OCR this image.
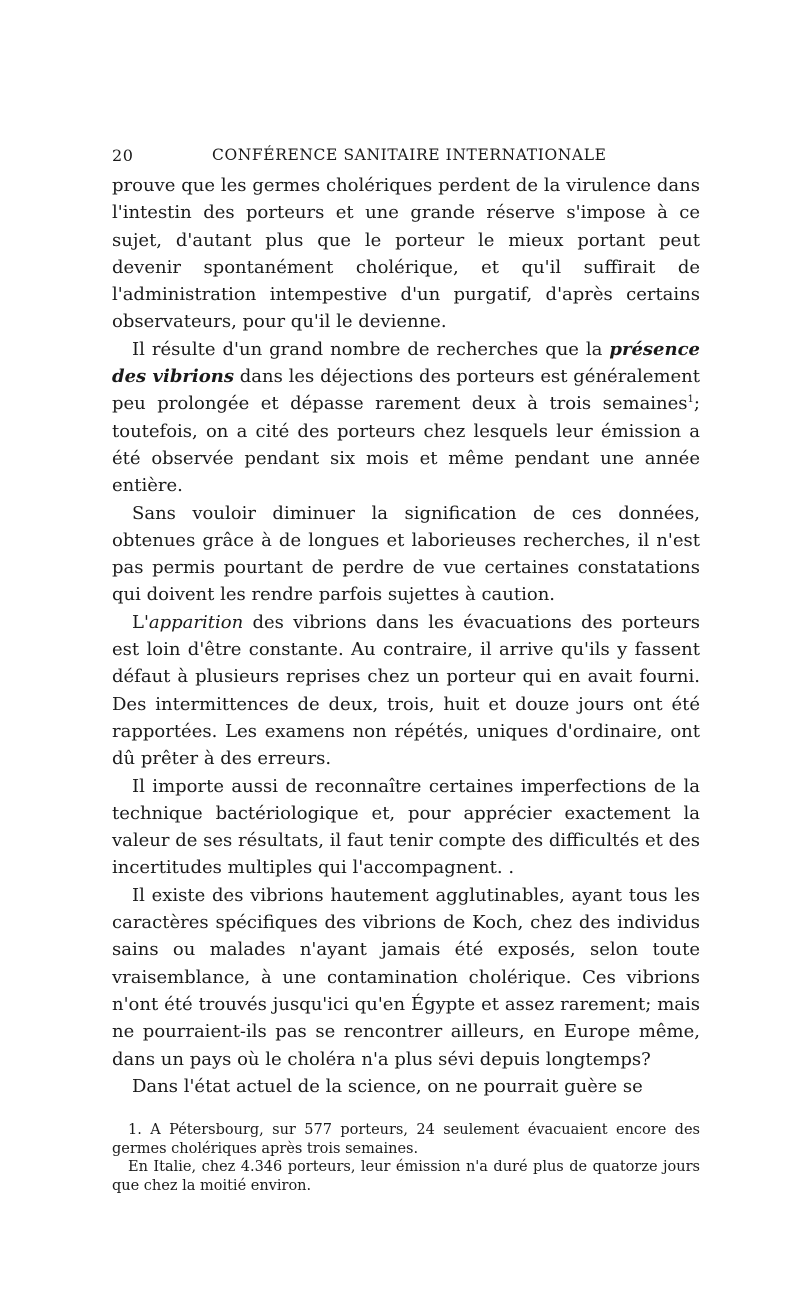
20	CONFÉRENCE SANITAIRE INTERNATIONALE

prouve que les germes cholériques perdent de la virulence dans l'intestin des porteurs et une grande réserve s'impose à ce sujet, d'autant plus que le porteur le mieux portant peut devenir spontanément cholérique, et qu'il suffirait de l'administration intempestive d'un purgatif, d'après certains observateurs, pour qu'il le devienne.

Il résulte d'un grand nombre de recherches que la présence des vibrions dans les déjections des porteurs est généralement peu prolongée et dépasse rarement deux à trois semaines$^1$; toutefois, on a cité des porteurs chez lesquels leur émission a été observée pendant six mois et même pendant une année entière.

Sans vouloir diminuer la signification de ces données, obtenues grâce à de longues et laborieuses recherches, il n'est pas permis pourtant de perdre de vue certaines constatations qui doivent les rendre parfois sujettes à caution.

L'apparition des vibrions dans les évacuations des porteurs est loin d'être constante. Au contraire, il arrive qu'ils y fassent défaut à plusieurs reprises chez un porteur qui en avait fourni. Des intermittences de deux, trois, huit et douze jours ont été rapportées. Les examens non répétés, uniques d'ordinaire, ont dû prêter à des erreurs.

Il importe aussi de reconnaître certaines imperfections de la technique bactériologique et, pour apprécier exactement la valeur de ses résultats, il faut tenir compte des difficultés et des incertitudes multiples qui l'accompagnent. .

Il existe des vibrions hautement agglutinables, ayant tous les caractères spécifiques des vibrions de Koch, chez des individus sains ou malades n'ayant jamais été exposés, selon toute vraisemblance, à une contamination cholérique. Ces vibrions n'ont été trouvés jusqu'ici qu'en Égypte et assez rarement; mais ne pourraient-ils pas se rencontrer ailleurs, en Europe même, dans un pays où le choléra n'a plus sévi depuis longtemps?

Dans l'état actuel de la science, on ne pourrait guère se

1. A Pétersbourg, sur 577 porteurs, 24 seulement évacuaient encore des germes cholériques après trois semaines.

En Italie, chez 4.346 porteurs, leur émission n'a duré plus de quatorze jours que chez la moitié environ.
